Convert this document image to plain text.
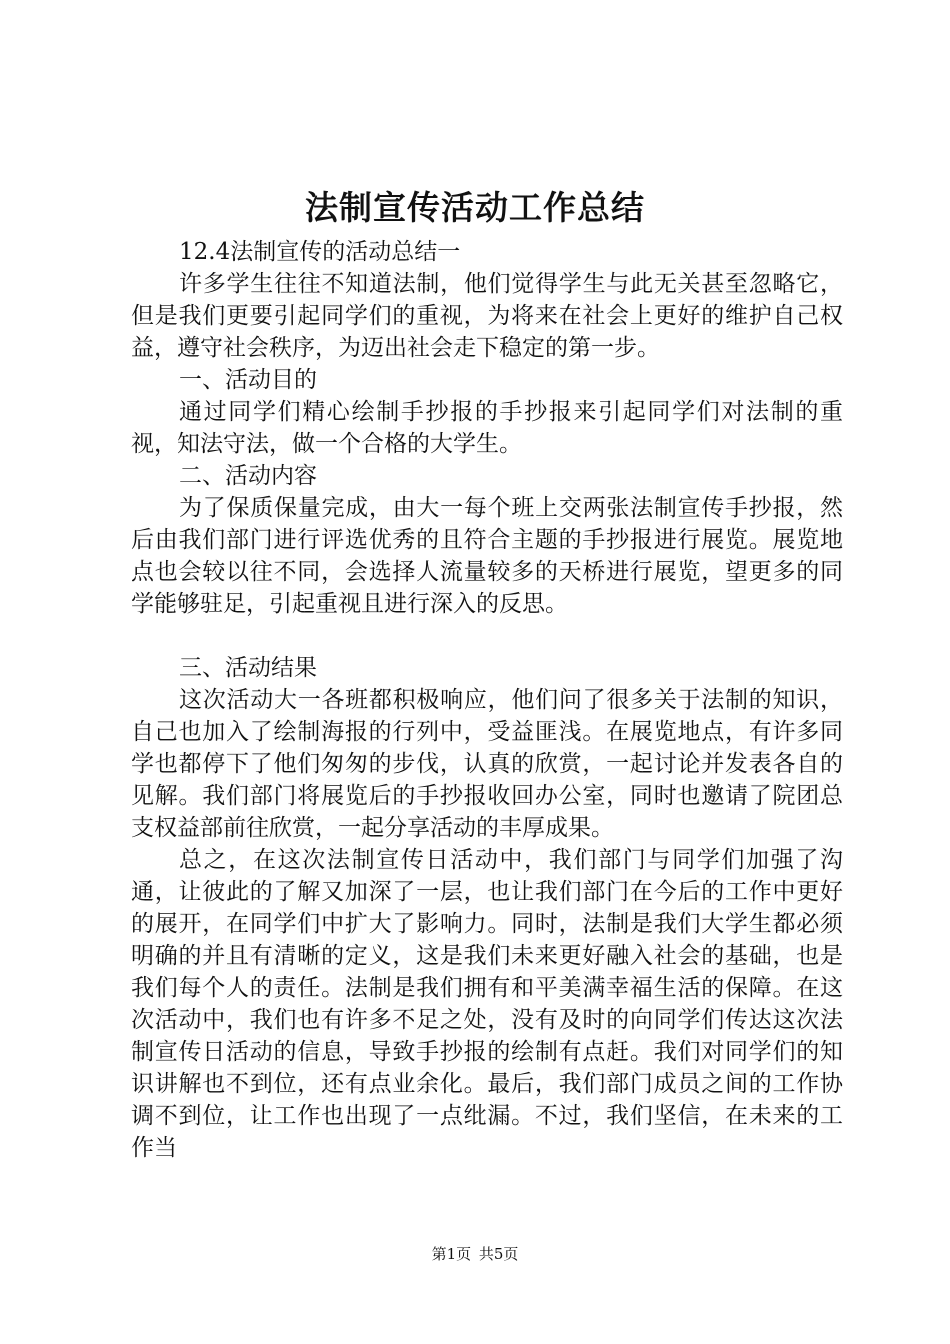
法制宣传活动工作总结

12.4法制宣传的活动总结一

许多学生往往不知道法制，他们觉得学生与此无关甚至忽略它，但是我们更要引起同学们的重视，为将来在社会上更好的维护自己权益，遵守社会秩序，为迈出社会走下稳定的第一步。

一、活动目的

通过同学们精心绘制手抄报的手抄报来引起同学们对法制的重视，知法守法，做一个合格的大学生。

二、活动内容

为了保质保量完成，由大一每个班上交两张法制宣传手抄报，然后由我们部门进行评选优秀的且符合主题的手抄报进行展览。展览地点也会较以往不同，会选择人流量较多的天桥进行展览，望更多的同学能够驻足，引起重视且进行深入的反思。

三、活动结果

这次活动大一各班都积极响应，他们问了很多关于法制的知识，自己也加入了绘制海报的行列中，受益匪浅。在展览地点，有许多同学也都停下了他们匆匆的步伐，认真的欣赏，一起讨论并发表各自的见解。我们部门将展览后的手抄报收回办公室，同时也邀请了院团总支权益部前往欣赏，一起分享活动的丰厚成果。

总之，在这次法制宣传日活动中，我们部门与同学们加强了沟通，让彼此的了解又加深了一层，也让我们部门在今后的工作中更好的展开，在同学们中扩大了影响力。同时，法制是我们大学生都必须明确的并且有清晰的定义，这是我们未来更好融入社会的基础，也是我们每个人的责任。法制是我们拥有和平美满幸福生活的保障。在这次活动中，我们也有许多不足之处，没有及时的向同学们传达这次法制宣传日活动的信息，导致手抄报的绘制有点赶。我们对同学们的知识讲解也不到位，还有点业余化。最后，我们部门成员之间的工作协调不到位，让工作也出现了一点纰漏。不过，我们坚信，在未来的工作当

第1页 共5页
